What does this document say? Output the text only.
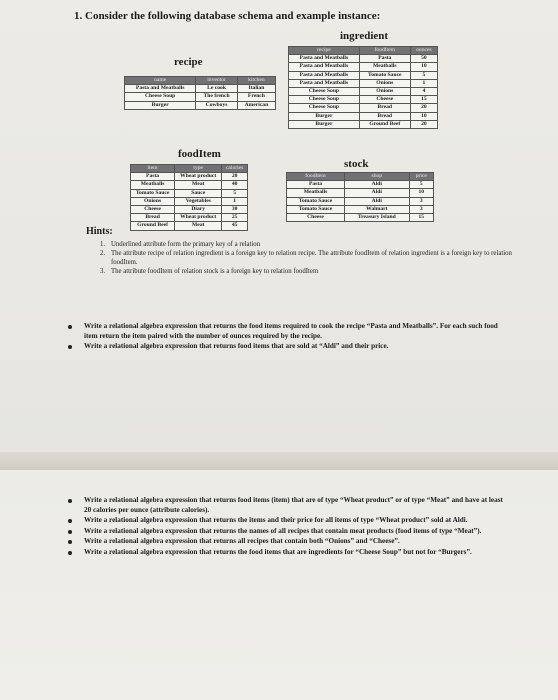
1. Consider the following database schema and example instance:
recipe
name	inventor	kitchen
Pasta and Meatballs	Le cook	Italian
Cheese Soup	The french	French
Burger	Cowboys	American
ingredient
recipe	foodItem	ounces
Pasta and Meatballs	Pasta	50
Pasta and Meatballs	Meatballs	10
Pasta and Meatballs	Tomato Sauce	5
Pasta and Meatballs	Onions	1
Cheese Soup	Onions	4
Cheese Soup	Cheese	15
Cheese Soup	Bread	20
Burger	Bread	10
Burger	Ground Beef	20
foodItem
item	type	calories
Pasta	Wheat product	20
Meatballs	Meat	40
Tomato Sauce	Sauce	5
Onions	Vegetables	1
Cheese	Diary	30
Bread	Wheat product	25
Ground Beef	Meat	45
stock
foodItem	shop	price
Pasta	Aldi	5
Meatballs	Aldi	10
Tomato Sauce	Aldi	3
Tomato Sauce	Walmart	3
Cheese	Treasury Island	15
Hints:
1. Underlined attribute form the primary key of a relation
2. The attribute recipe of relation ingredient is a foreign key to relation recipe. The attribute foodItem of relation ingredient is a foreign key to relation foodItem.
3. The attribute foodItem of relation stock is a foreign key to relation foodItem
Write a relational algebra expression that returns the food items required to cook the recipe “Pasta and Meatballs”. For each such food item return the item paired with the number of ounces required by the recipe.
Write a relational algebra expression that returns food items that are sold at “Aldi” and their price.
Write a relational algebra expression that returns food items (item) that are of type “Wheat product” or of type “Meat” and have at least 20 calories per ounce (attribute calories).
Write a relational algebra expression that returns the items and their price for all items of type “Wheat product” sold at Aldi.
Write a relational algebra expression that returns the names of all recipes that contain meat products (food items of type “Meat”).
Write a relational algebra expression that returns all recipes that contain both “Onions” and “Cheese”.
Write a relational algebra expression that returns the food items that are ingredients for “Cheese Soup” but not for “Burgers”.
